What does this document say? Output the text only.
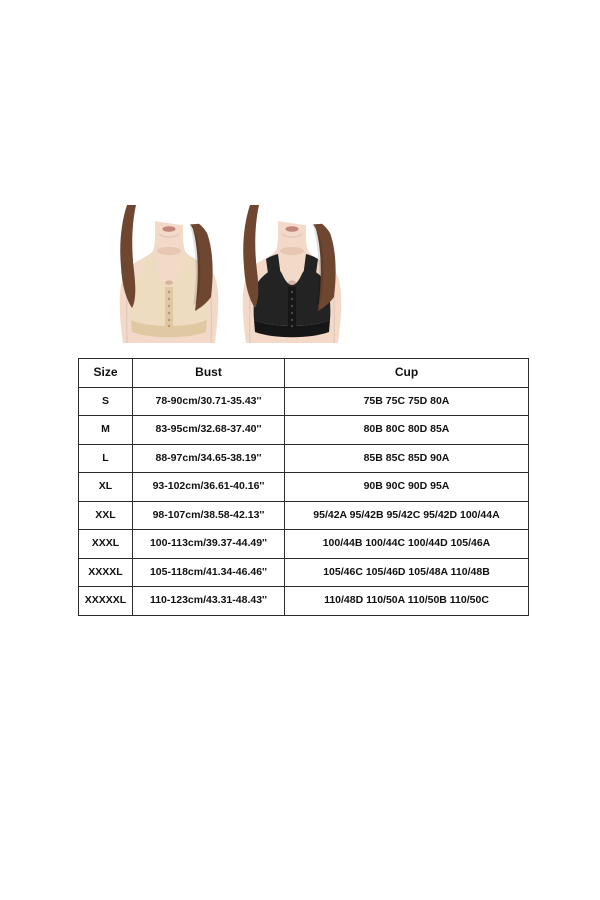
Size	Bust	Cup
S	78-90cm/30.71-35.43''	75B 75C 75D 80A
M	83-95cm/32.68-37.40''	80B 80C 80D 85A
L	88-97cm/34.65-38.19''	85B 85C 85D 90A
XL	93-102cm/36.61-40.16''	90B 90C 90D 95A
XXL	98-107cm/38.58-42.13''	95/42A 95/42B 95/42C 95/42D 100/44A
XXXL	100-113cm/39.37-44.49''	100/44B 100/44C 100/44D 105/46A
XXXXL	105-118cm/41.34-46.46''	105/46C 105/46D 105/48A 110/48B
XXXXXL	110-123cm/43.31-48.43''	110/48D 110/50A 110/50B 110/50C
